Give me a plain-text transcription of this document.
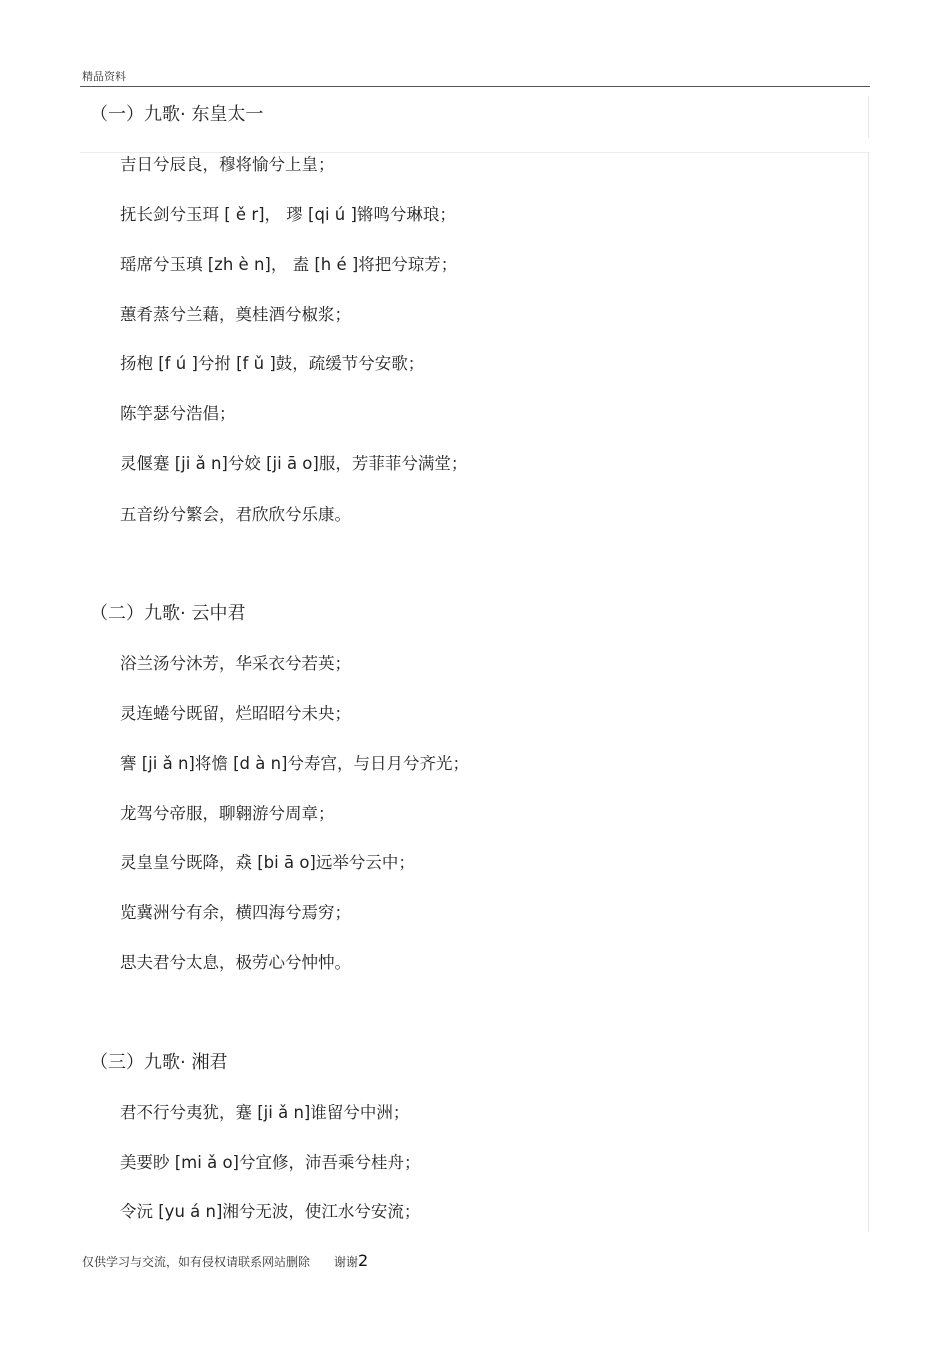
精品资料
（一）九歌· 东皇太一
吉日兮辰良，穆将愉兮上皇；
抚长剑兮玉珥 [ ě r]， 璆 [qi ú ]锵鸣兮琳琅；
瑶席兮玉瑱 [zh è n]， 盍 [h é ]将把兮琼芳；
蕙肴蒸兮兰藉，奠桂酒兮椒浆；
扬枹 [f ú ]兮拊 [f ǔ ]鼓，疏缓节兮安歌；
陈竽瑟兮浩倡；
灵偃蹇 [ji ǎ n]兮姣 [ji ā o]服，芳菲菲兮满堂；
五音纷兮繁会，君欣欣兮乐康。
（二）九歌· 云中君
浴兰汤兮沐芳，华采衣兮若英；
灵连蜷兮既留，烂昭昭兮未央；
謇 [ji ǎ n]将憺 [d à n]兮寿宫，与日月兮齐光；
龙驾兮帝服，聊翱游兮周章；
灵皇皇兮既降，猋 [bi ā o]远举兮云中；
览冀洲兮有余，横四海兮焉穷；
思夫君兮太息，极劳心兮忡忡。
（三）九歌· 湘君
君不行兮夷犹，蹇 [ji ǎ n]谁留兮中洲；
美要眇 [mi ǎ o]兮宜修，沛吾乘兮桂舟；
令沅 [yu á n]湘兮无波，使江水兮安流；
仅供学习与交流，如有侵权请联系网站删除　　谢谢2
